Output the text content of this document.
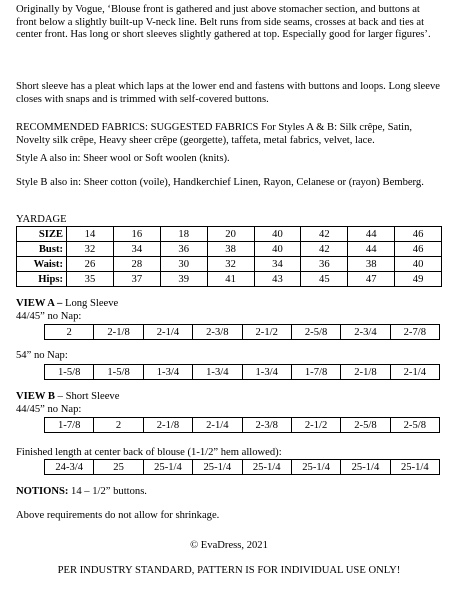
Originally by Vogue, ‘Blouse front is gathered and just above stomacher section, and buttons at front below a slightly built-up V-neck line. Belt runs from side seams, crosses at back and ties at center front. Has long or short sleeves slightly gathered at top. Especially good for larger figures’.

Short sleeve has a pleat which laps at the lower end and fastens with buttons and loops. Long sleeve closes with snaps and is trimmed with self-covered buttons.

RECOMMENDED FABRICS: SUGGESTED FABRICS For Styles A & B: Silk crêpe, Satin, Novelty silk crêpe, Heavy sheer crêpe (georgette), taffeta, metal fabrics, velvet, lace.

Style A also in: Sheer wool or Soft woolen (knits).

Style B also in: Sheer cotton (voile), Handkerchief Linen, Rayon, Celanese or (rayon) Bemberg.

YARDAGE
SIZE	14	16	18	20	40	42	44	46
Bust:	32	34	36	38	40	42	44	46
Waist:	26	28	30	32	34	36	38	40
Hips:	35	37	39	41	43	45	47	49
VIEW A – Long Sleeve
44/45” no Nap:
2	2-1/8	2-1/4	2-3/8	2-1/2	2-5/8	2-3/4	2-7/8
54” no Nap:
1-5/8	1-5/8	1-3/4	1-3/4	1-3/4	1-7/8	2-1/8	2-1/4
VIEW B – Short Sleeve
44/45” no Nap:
1-7/8	2	2-1/8	2-1/4	2-3/8	2-1/2	2-5/8	2-5/8
Finished length at center back of blouse (1-1/2” hem allowed):
24-3/4	25	25-1/4	25-1/4	25-1/4	25-1/4	25-1/4	25-1/4
NOTIONS: 14 – 1/2” buttons.
Above requirements do not allow for shrinkage.
© EvaDress, 2021
PER INDUSTRY STANDARD, PATTERN IS FOR INDIVIDUAL USE ONLY!
